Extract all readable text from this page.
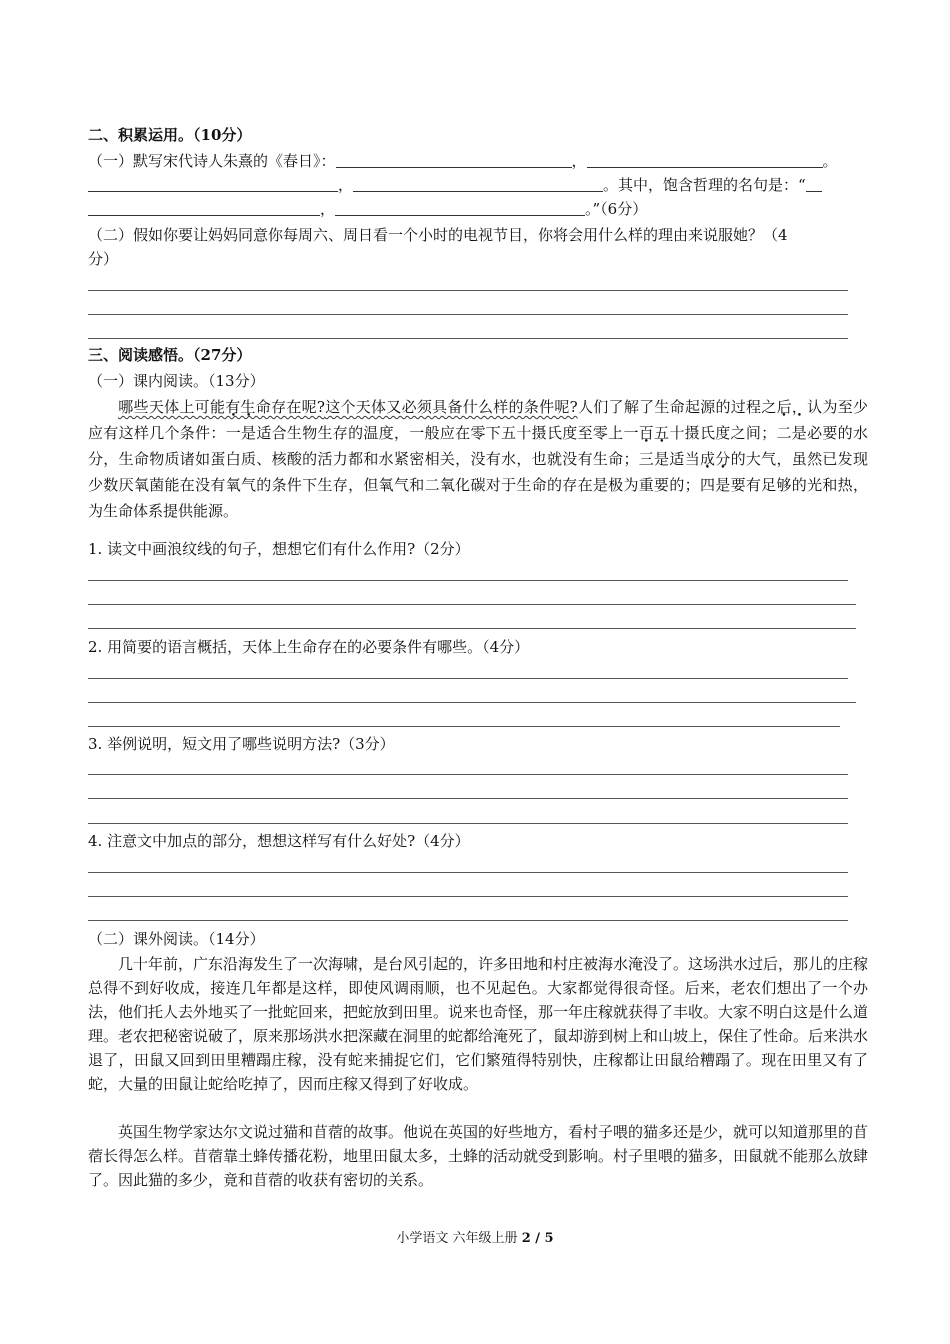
二、积累运用。（10分）
（一）默写宋代诗人朱熹的《春日》：	，	。
，	。其中，饱含哲理的名句是：“
，	。”（6分）
（二）假如你要让妈妈同意你每周六、周日看一个小时的电视节目，你将会用什么样的理由来说服她？（4
分）
三、阅读感悟。（27分）
（一）课内阅读。（13分）
哪些天体上可能有生命存在呢?这个天体又必须具备什么样的条件呢?人们了解了生命起源的过程之后，认为至少应有这样几个条件：一是适合生物生存的温度，一般应在零下五十摄氏度至零上一百五十摄氏度之间；二是必要的水分，生命物质诸如蛋白质、核酸的活力都和水紧密相关，没有水，也就没有生命；三是适当成分的大气，虽然已发现少数厌氧菌能在没有氧气的条件下生存，但氧气和二氧化碳对于生命的存在是极为重要的；四是要有足够的光和热，为生命体系提供能源。
1. 读文中画浪纹线的句子，想想它们有什么作用?（2分）
2. 用简要的语言概括，天体上生命存在的必要条件有哪些。（4分）
3. 举例说明，短文用了哪些说明方法?（3分）
4. 注意文中加点的部分，想想这样写有什么好处?（4分）
（二）课外阅读。（14分）
几十年前，广东沿海发生了一次海啸，是台风引起的，许多田地和村庄被海水淹没了。这场洪水过后，那儿的庄稼总得不到好收成，接连几年都是这样，即使风调雨顺，也不见起色。大家都觉得很奇怪。后来，老农们想出了一个办法，他们托人去外地买了一批蛇回来，把蛇放到田里。说来也奇怪，那一年庄稼就获得了丰收。大家不明白这是什么道理。老农把秘密说破了，原来那场洪水把深藏在洞里的蛇都给淹死了，鼠却游到树上和山坡上，保住了性命。后来洪水退了，田鼠又回到田里糟蹋庄稼，没有蛇来捕捉它们，它们繁殖得特别快，庄稼都让田鼠给糟蹋了。现在田里又有了蛇，大量的田鼠让蛇给吃掉了，因而庄稼又得到了好收成。
英国生物学家达尔文说过猫和苜蓿的故事。他说在英国的好些地方，看村子喂的猫多还是少，就可以知道那里的苜蓿长得怎么样。苜蓿靠土蜂传播花粉，地里田鼠太多，土蜂的活动就受到影响。村子里喂的猫多，田鼠就不能那么放肆了。因此猫的多少，竟和苜蓿的收获有密切的关系。
小学语文 六年级上册 2 / 5
